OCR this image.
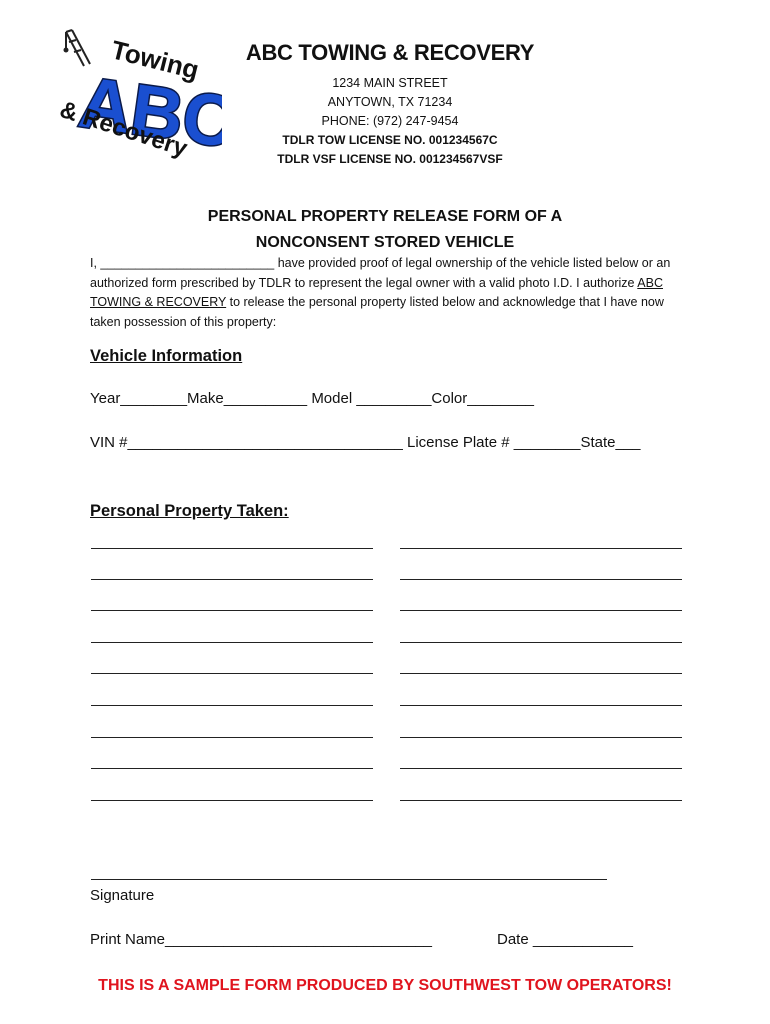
Towing
ABC
& Recovery
ABC TOWING & RECOVERY
1234 MAIN STREET
ANYTOWN, TX 71234
PHONE: (972) 247-9454
TDLR TOW LICENSE NO. 001234567C
TDLR VSF LICENSE NO. 001234567VSF
PERSONAL PROPERTY RELEASE FORM OF A
NONCONSENT STORED VEHICLE
I, _________________________ have provided proof of legal ownership of the vehicle listed below or an authorized form prescribed by TDLR to represent the legal owner with a valid photo I.D. I authorize ABC TOWING & RECOVERY to release the personal property listed below and acknowledge that I have now taken possession of this property:
Vehicle Information
Year________Make__________ Model _________Color________
VIN #_________________________________ License Plate # ________State___
Personal Property Taken:
Signature
Print Name________________________________	Date ____________
THIS IS A SAMPLE FORM PRODUCED BY SOUTHWEST TOW OPERATORS!
